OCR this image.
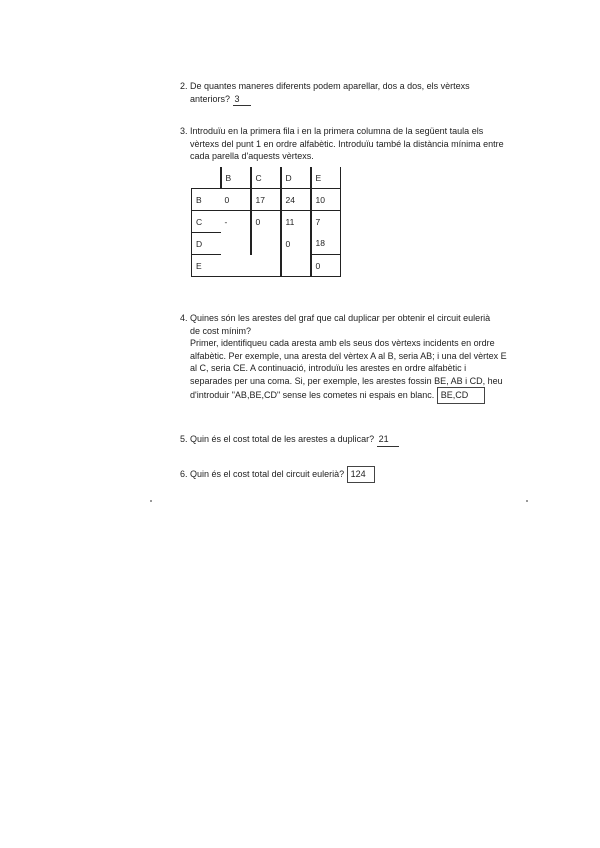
2. De quantes maneres diferents podem aparellar, dos a dos, els vèrtexs
anteriors? 3
3. Introduïu en la primera fila i en la primera columna de la següent taula els
vèrtexs del punt 1 en ordre alfabètic. Introduïu també la distància mínima entre
cada parella d'aquests vèrtexs.
	B	C	D	E
B	0	17	24	10
C	-	0	11	7
D			0	18
E				0
4. Quines són les arestes del graf que cal duplicar per obtenir el circuit eulerià
de cost mínim?
Primer, identifiqueu cada aresta amb els seus dos vèrtexs incidents en ordre
alfabètic. Per exemple, una aresta del vèrtex A al B, seria AB; i una del vèrtex E
al C, seria CE. A continuació, introduïu les arestes en ordre alfabètic i
separades per una coma. Si, per exemple, les arestes fossin BE, AB i CD, heu
d'introduir "AB,BE,CD" sense les cometes ni espais en blanc. BE,CD
5. Quin és el cost total de les arestes a duplicar? 21
6. Quin és el cost total del circuit eulerià? 124
